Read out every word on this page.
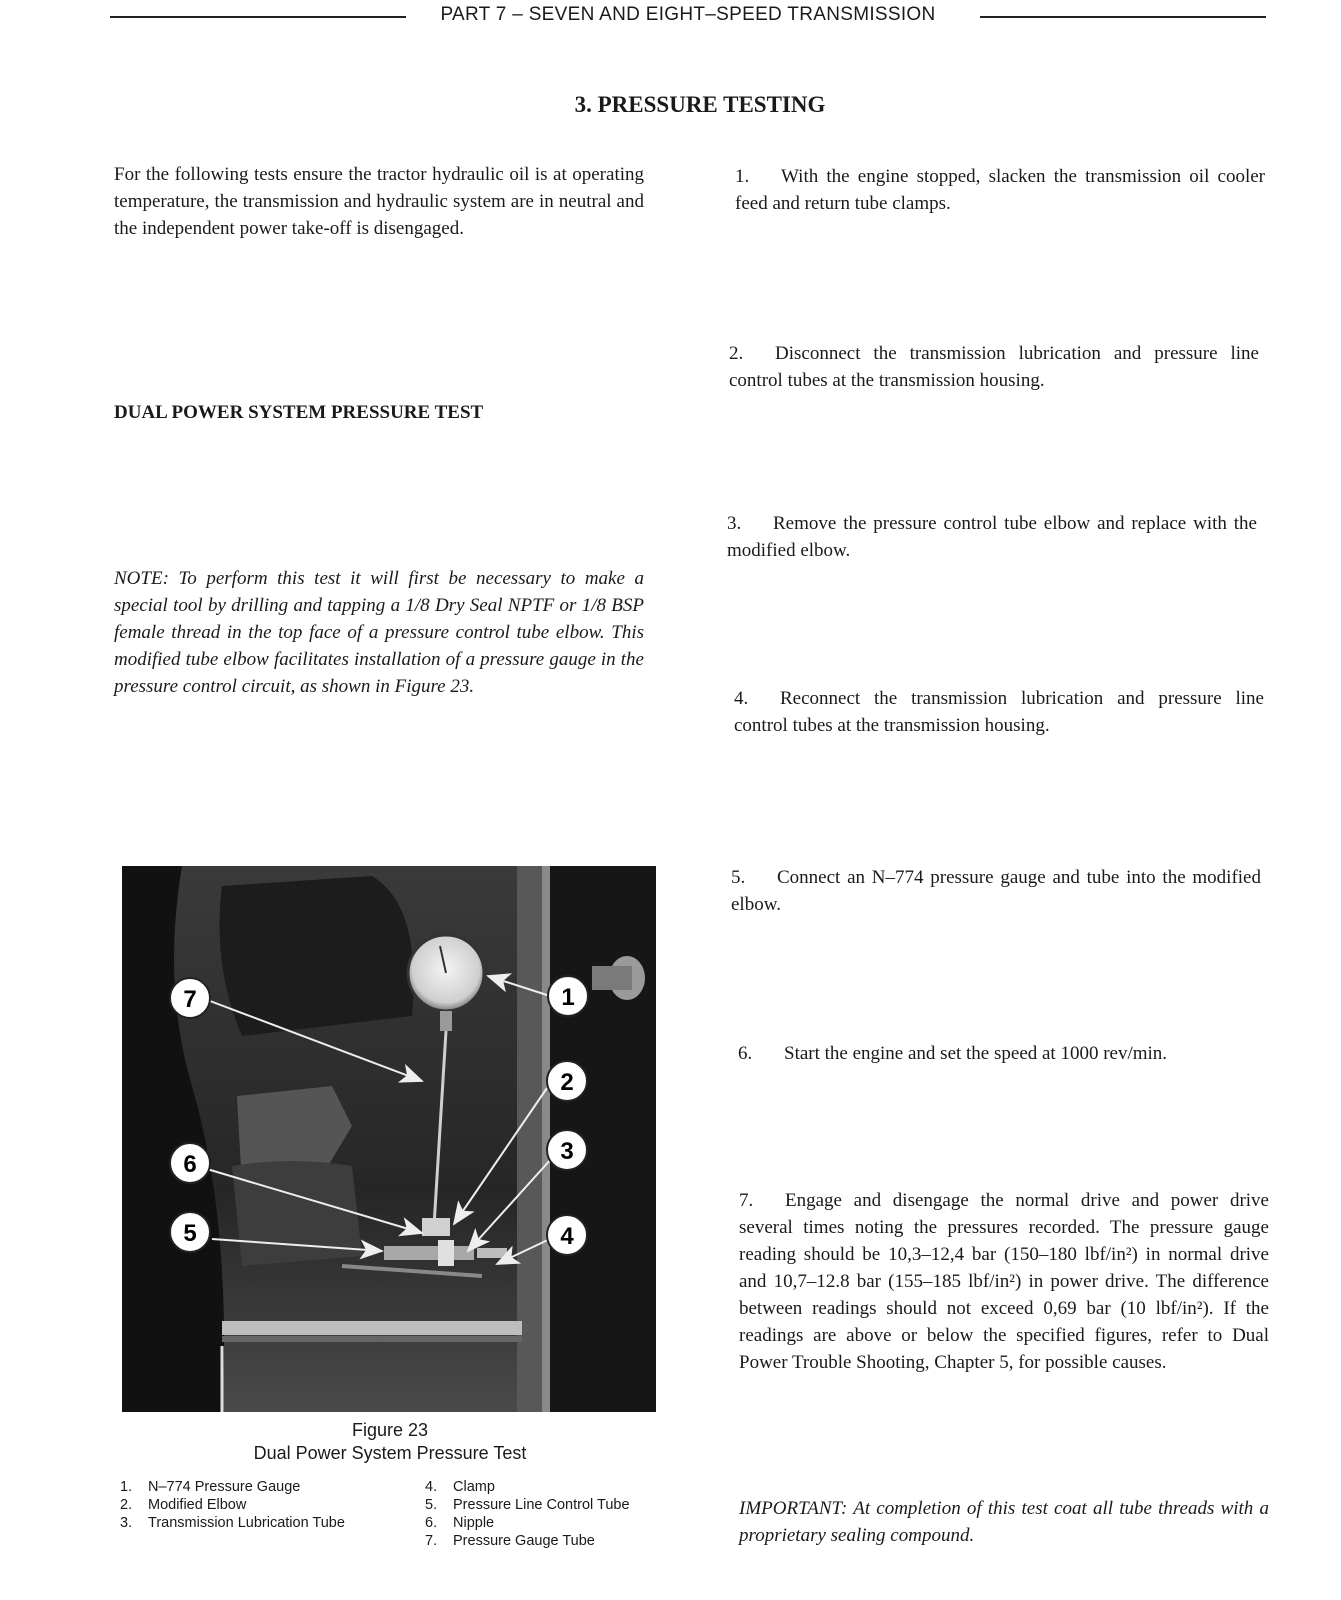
PART 7 – SEVEN AND EIGHT–SPEED TRANSMISSION
3. PRESSURE TESTING
For the following tests ensure the tractor hydraulic oil is at operating temperature, the transmission and hydraulic system are in neutral and the independent power take-off is disengaged.
DUAL POWER SYSTEM PRESSURE TEST
NOTE: To perform this test it will first be necessary to make a special tool by drilling and tapping a 1/8 Dry Seal NPTF or 1/8 BSP female thread in the top face of a pressure control tube elbow. This modified tube elbow facilitates installation of a pressure gauge in the pressure control circuit, as shown in Figure 23.
1
7
2
3
4
6
5
Figure 23
Dual Power System Pressure Test
1. N–774 Pressure Gauge
2. Modified Elbow
3. Transmission Lubrication Tube
4. Clamp
5. Pressure Line Control Tube
6. Nipple
7. Pressure Gauge Tube
1. With the engine stopped, slacken the transmission oil cooler feed and return tube clamps.
2. Disconnect the transmission lubrication and pressure line control tubes at the transmission housing.
3. Remove the pressure control tube elbow and replace with the modified elbow.
4. Reconnect the transmission lubrication and pressure line control tubes at the transmission housing.
5. Connect an N–774 pressure gauge and tube into the modified elbow.
6. Start the engine and set the speed at 1000 rev/min.
7. Engage and disengage the normal drive and power drive several times noting the pressures recorded. The pressure gauge reading should be 10,3–12,4 bar (150–180 lbf/in²) in normal drive and 10,7–12.8 bar (155–185 lbf/in²) in power drive. The difference between readings should not exceed 0,69 bar (10 lbf/in²). If the readings are above or below the specified figures, refer to Dual Power Trouble Shooting, Chapter 5, for possible causes.
IMPORTANT: At completion of this test coat all tube threads with a proprietary sealing compound.
